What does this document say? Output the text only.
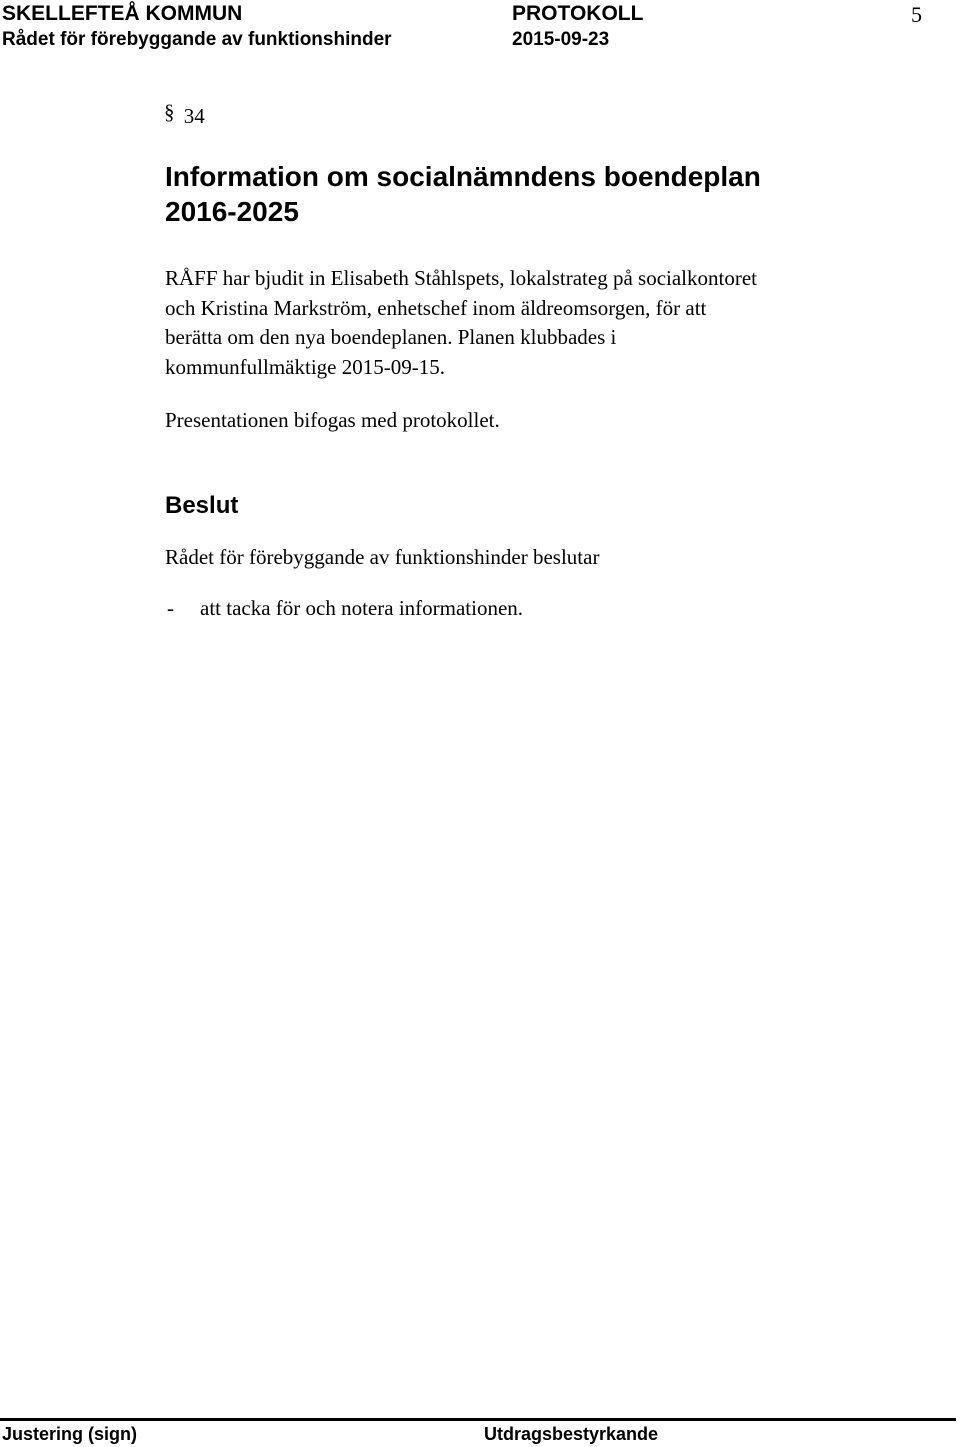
SKELLEFTEÅ KOMMUN	PROTOKOLL	5
Rådet för förebyggande av funktionshinder	2015-09-23
§ 34
Information om socialnämndens boendeplan
2016-2025
RÅFF har bjudit in Elisabeth Ståhlspets, lokalstrateg på socialkontoret
och Kristina Markström, enhetschef inom äldreomsorgen, för att
berätta om den nya boendeplanen. Planen klubbades i
kommunfullmäktige 2015-09-15.
Presentationen bifogas med protokollet.
Beslut
Rådet för förebyggande av funktionshinder beslutar
- att tacka för och notera informationen.
Justering (sign)	Utdragsbestyrkande
